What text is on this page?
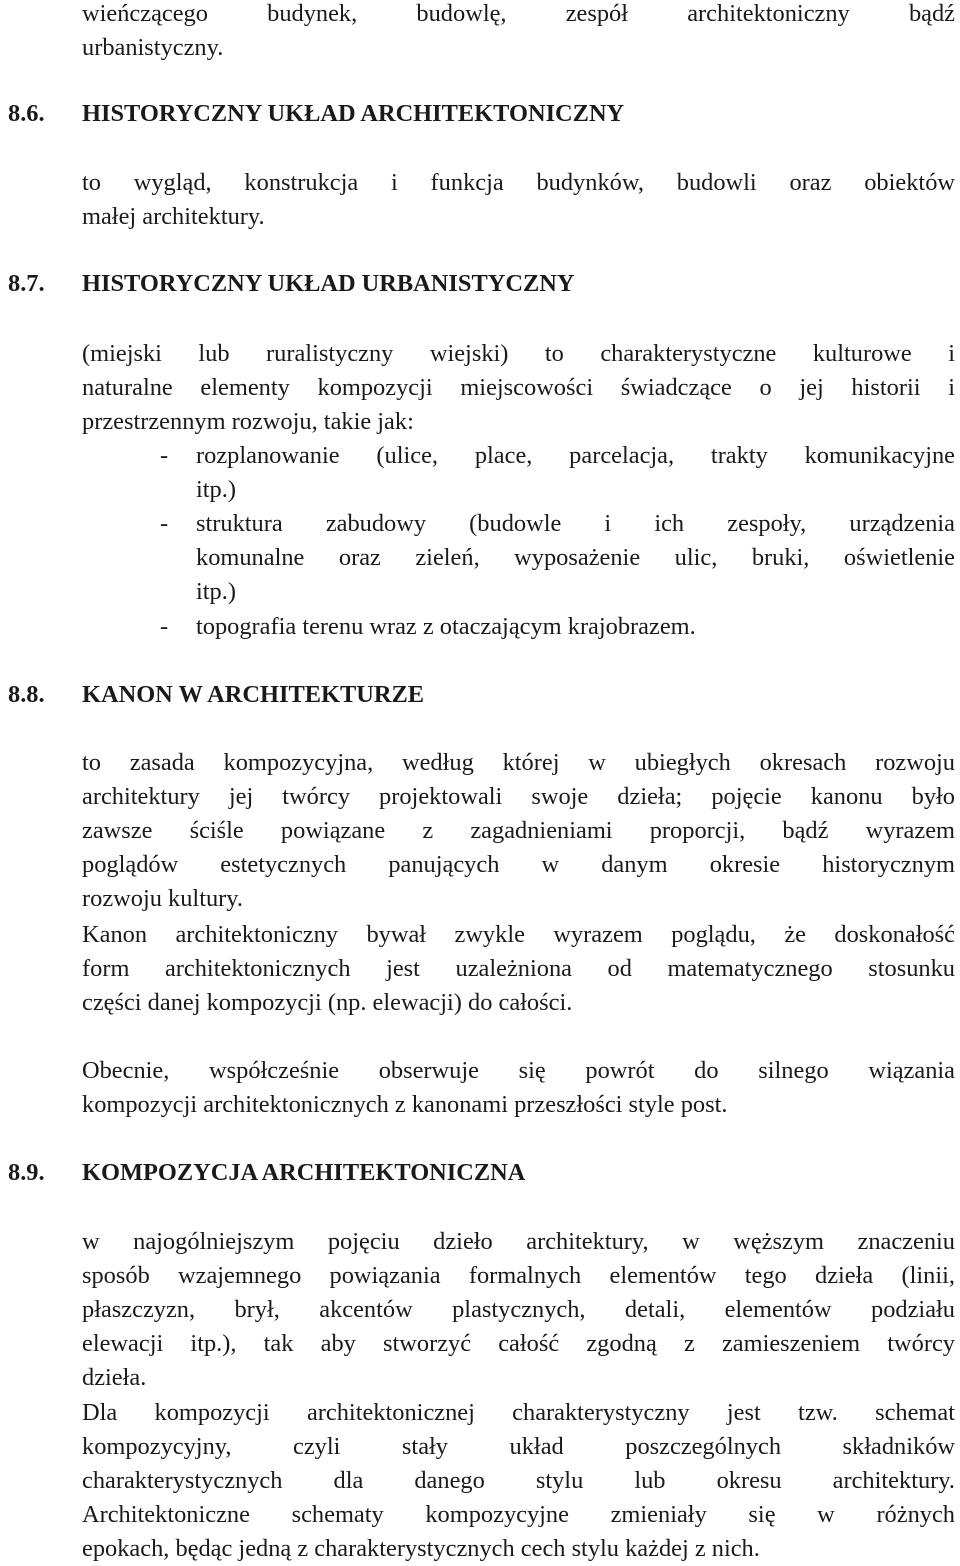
wieńczącego budynek, budowlę, zespół architektoniczny bądź
urbanistyczny.
8.6. HISTORYCZNY UKŁAD ARCHITEKTONICZNY
to wygląd, konstrukcja i funkcja budynków, budowli oraz obiektów
małej architektury.
8.7. HISTORYCZNY UKŁAD URBANISTYCZNY
(miejski lub ruralistyczny wiejski) to charakterystyczne kulturowe i
naturalne elementy kompozycji miejscowości świadczące o jej historii i
przestrzennym rozwoju, takie jak:
- rozplanowanie (ulice, place, parcelacja, trakty komunikacyjne
itp.)
- struktura zabudowy (budowle i ich zespoły, urządzenia
komunalne oraz zieleń, wyposażenie ulic, bruki, oświetlenie
itp.)
- topografia terenu wraz z otaczającym krajobrazem.
8.8. KANON W ARCHITEKTURZE
to zasada kompozycyjna, według której w ubiegłych okresach rozwoju
architektury jej twórcy projektowali swoje dzieła; pojęcie kanonu było
zawsze ściśle powiązane z zagadnieniami proporcji, bądź wyrazem
poglądów estetycznych panujących w danym okresie historycznym
rozwoju kultury.
Kanon architektoniczny bywał zwykle wyrazem poglądu, że doskonałość
form architektonicznych jest uzależniona od matematycznego stosunku
części danej kompozycji (np. elewacji) do całości.
Obecnie, współcześnie obserwuje się powrót do silnego wiązania
kompozycji architektonicznych z kanonami przeszłości style post.
8.9. KOMPOZYCJA ARCHITEKTONICZNA
w najogólniejszym pojęciu dzieło architektury, w węższym znaczeniu
sposób wzajemnego powiązania formalnych elementów tego dzieła (linii,
płaszczyzn, brył, akcentów plastycznych, detali, elementów podziału
elewacji itp.), tak aby stworzyć całość zgodną z zamieszeniem twórcy
dzieła.
Dla kompozycji architektonicznej charakterystyczny jest tzw. schemat
kompozycyjny, czyli stały układ poszczególnych składników
charakterystycznych dla danego stylu lub okresu architektury.
Architektoniczne schematy kompozycyjne zmieniały się w różnych
epokach, będąc jedną z charakterystycznych cech stylu każdej z nich.
